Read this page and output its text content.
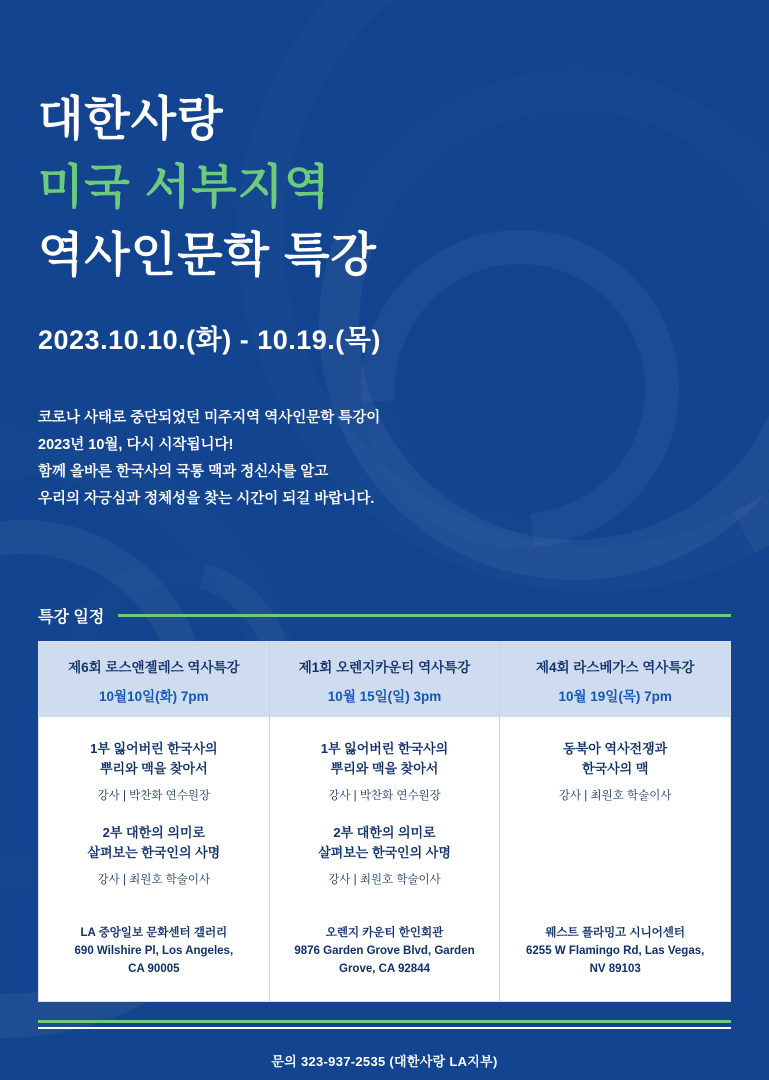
대한사랑
미국 서부지역
역사인문학 특강
2023.10.10.(화) - 10.19.(목)
코로나 사태로 중단되었던 미주지역 역사인문학 특강이
2023년 10월, 다시 시작됩니다!
함께 올바른 한국사의 국통 맥과 정신사를 알고
우리의 자긍심과 정체성을 찾는 시간이 되길 바랍니다.
특강 일정
제6회 로스앤젤레스 역사특강
10월10일(화) 7pm
1부 잃어버린 한국사의
뿌리와 맥을 찾아서
강사 | 박찬화 연수원장
2부 대한의 의미로
살펴보는 한국인의 사명
강사 | 최원호 학술이사
LA 중앙일보 문화센터 갤러리
690 Wilshire Pl, Los Angeles,
CA 90005
제1회 오렌지카운티 역사특강
10월 15일(일) 3pm
1부 잃어버린 한국사의
뿌리와 맥을 찾아서
강사 | 박찬화 연수원장
2부 대한의 의미로
살펴보는 한국인의 사명
강사 | 최원호 학술이사
오렌지 카운티 한인회관
9876 Garden Grove Blvd, Garden
Grove, CA 92844
제4회 라스베가스 역사특강
10월 19일(목) 7pm
동북아 역사전쟁과
한국사의 맥
강사 | 최원호 학술이사
웨스트 플라밍고 시니어센터
6255 W Flamingo Rd, Las Vegas,
NV 89103
문의 323-937-2535 (대한사랑 LA지부)
